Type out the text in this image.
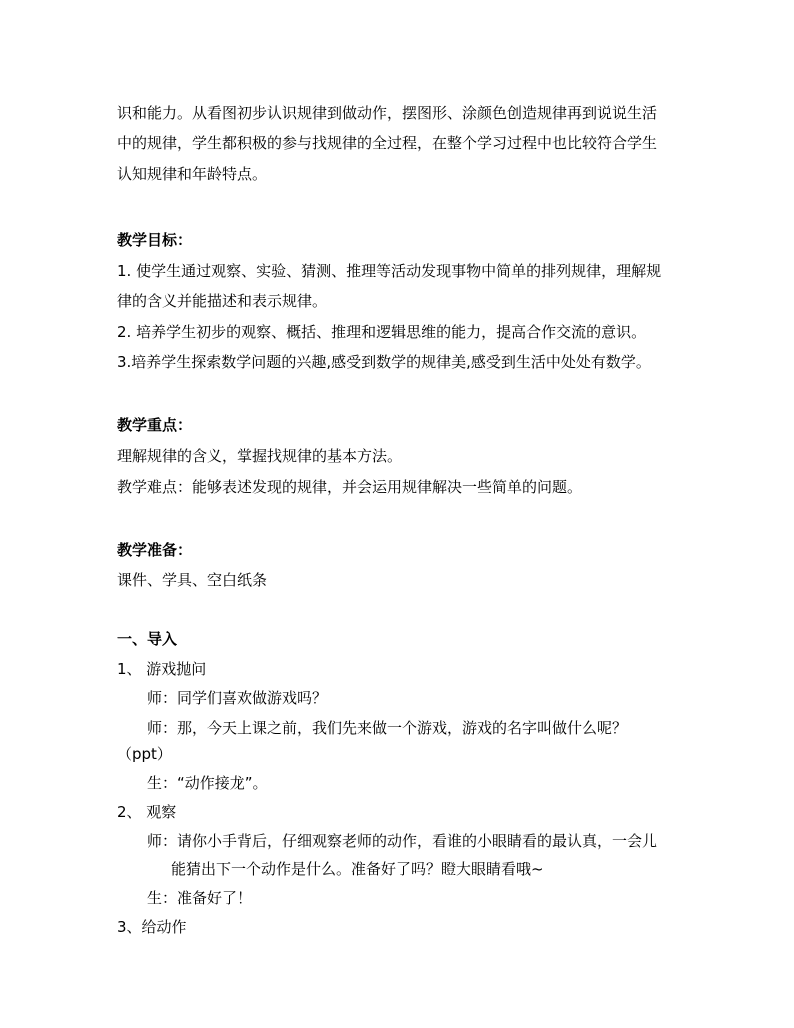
识和能力。从看图初步认识规律到做动作，摆图形、涂颜色创造规律再到说说生活
中的规律，学生都积极的参与找规律的全过程，在整个学习过程中也比较符合学生
认知规律和年龄特点。
教学目标：
1. 使学生通过观察、实验、猜测、推理等活动发现事物中简单的排列规律，理解规
律的含义并能描述和表示规律。
2. 培养学生初步的观察、概括、推理和逻辑思维的能力，提高合作交流的意识。
3.培养学生探索数学问题的兴趣,感受到数学的规律美,感受到生活中处处有数学。
教学重点：
理解规律的含义，掌握找规律的基本方法。
教学难点：能够表述发现的规律，并会运用规律解决一些简单的问题。
教学准备：
课件、学具、空白纸条
一、导入
1、 游戏抛问
师：同学们喜欢做游戏吗？
师：那，今天上课之前，我们先来做一个游戏，游戏的名字叫做什么呢？
（ppt）
生：“动作接龙”。
2、 观察
师：请你小手背后，仔细观察老师的动作，看谁的小眼睛看的最认真，一会儿
能猜出下一个动作是什么。准备好了吗？瞪大眼睛看哦~
生：准备好了！
3、给动作
